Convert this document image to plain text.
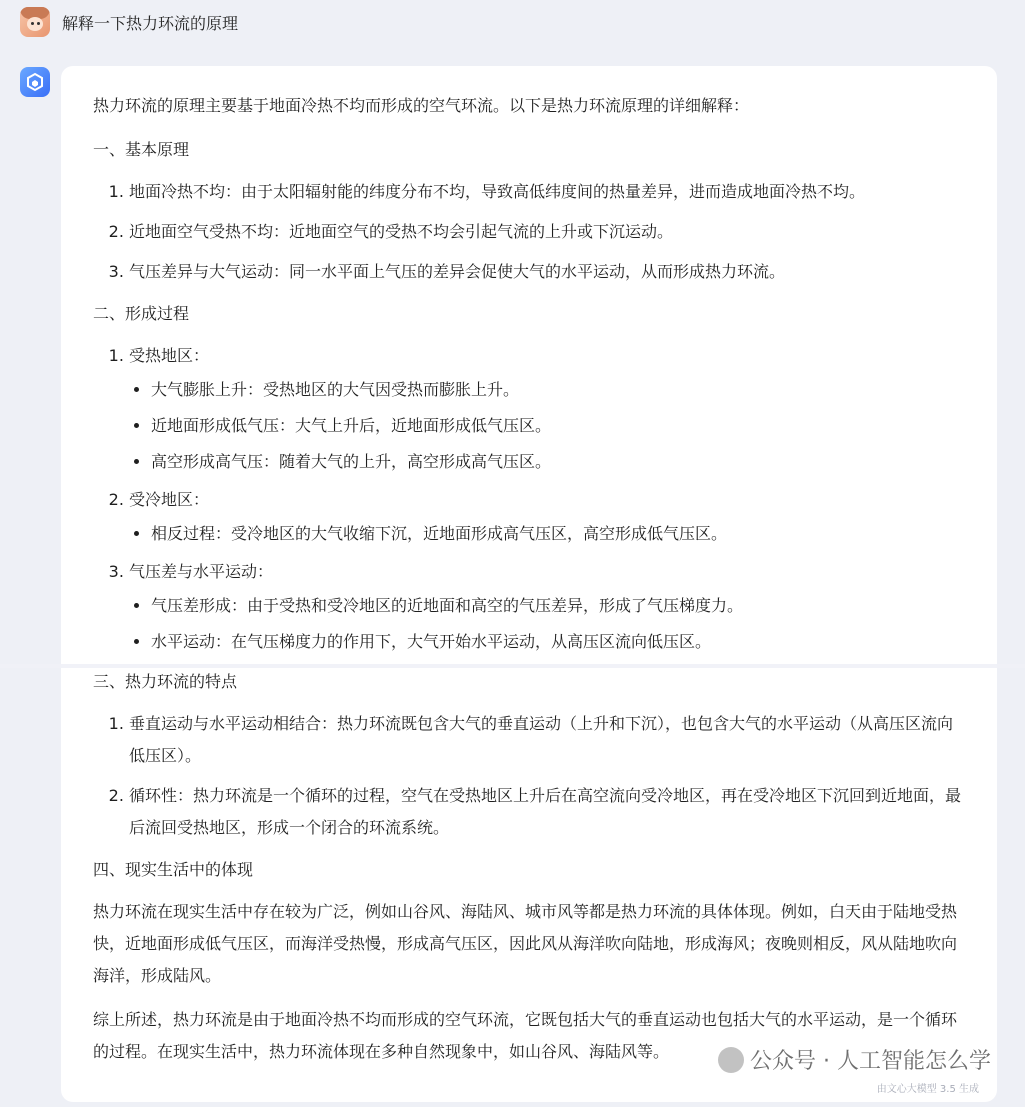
解释一下热力环流的原理

热力环流的原理主要基于地面冷热不均而形成的空气环流。以下是热力环流原理的详细解释：

一、基本原理
1. 地面冷热不均：由于太阳辐射能的纬度分布不均，导致高低纬度间的热量差异，进而造成地面冷热不均。
2. 近地面空气受热不均：近地面空气的受热不均会引起气流的上升或下沉运动。
3. 气压差异与大气运动：同一水平面上气压的差异会促使大气的水平运动，从而形成热力环流。
二、形成过程
1. 受热地区：
• 大气膨胀上升：受热地区的大气因受热而膨胀上升。
• 近地面形成低气压：大气上升后，近地面形成低气压区。
• 高空形成高气压：随着大气的上升，高空形成高气压区。
2. 受冷地区：
• 相反过程：受冷地区的大气收缩下沉，近地面形成高气压区，高空形成低气压区。
3. 气压差与水平运动：
• 气压差形成：由于受热和受冷地区的近地面和高空的气压差异，形成了气压梯度力。
• 水平运动：在气压梯度力的作用下，大气开始水平运动，从高压区流向低压区。
三、热力环流的特点
1. 垂直运动与水平运动相结合：热力环流既包含大气的垂直运动（上升和下沉），也包含大气的水平运动（从高压区流向低压区）。
2. 循环性：热力环流是一个循环的过程，空气在受热地区上升后在高空流向受冷地区，再在受冷地区下沉回到近地面，最后流回受热地区，形成一个闭合的环流系统。
四、现实生活中的体现

热力环流在现实生活中存在较为广泛，例如山谷风、海陆风、城市风等都是热力环流的具体体现。例如，白天由于陆地受热快，近地面形成低气压区，而海洋受热慢，形成高气压区，因此风从海洋吹向陆地，形成海风；夜晚则相反，风从陆地吹向海洋，形成陆风。

综上所述，热力环流是由于地面冷热不均而形成的空气环流，它既包括大气的垂直运动也包括大气的水平运动，是一个循环的过程。在现实生活中，热力环流体现在多种自然现象中，如山谷风、海陆风等。	公众号 · 人工智能怎么学
由文心大模型 3.5 生成
